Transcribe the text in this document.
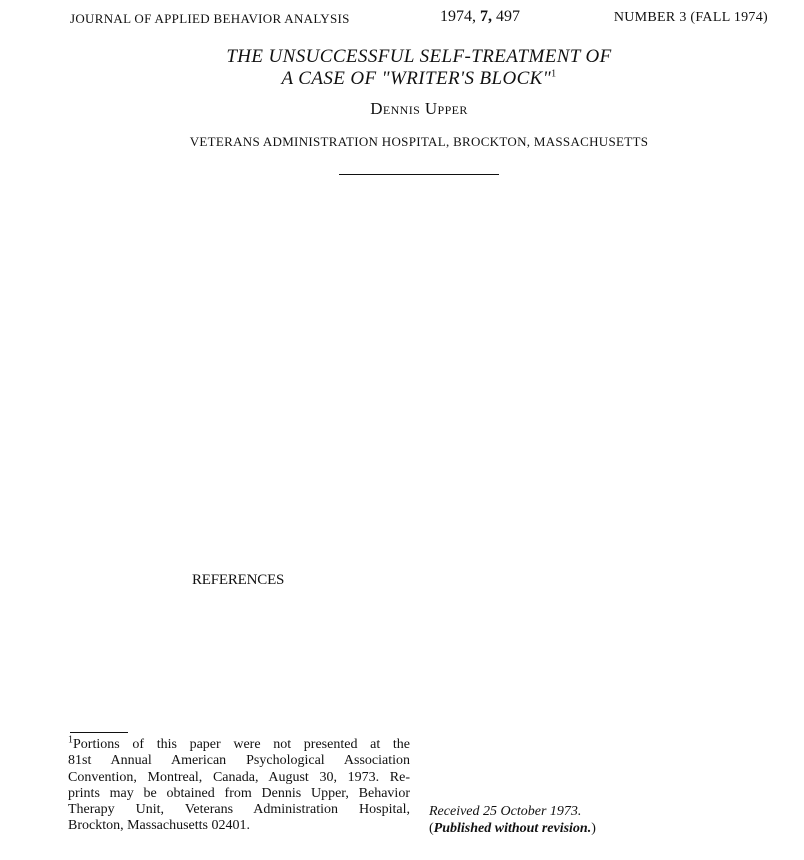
JOURNAL OF APPLIED BEHAVIOR ANALYSIS	1974, 7, 497	NUMBER 3 (FALL 1974)
THE UNSUCCESSFUL SELF-TREATMENT OF
A CASE OF "WRITER'S BLOCK"$^1$
Dennis Upper
VETERANS ADMINISTRATION HOSPITAL, BROCKTON, MASSACHUSETTS
REFERENCES
$^1$Portions of this paper were not presented at the
81st Annual American Psychological Association
Convention, Montreal, Canada, August 30, 1973. Re-
prints may be obtained from Dennis Upper, Behavior
Therapy Unit, Veterans Administration Hospital,
Brockton, Massachusetts 02401.
Received 25 October 1973.
(Published without revision.)
